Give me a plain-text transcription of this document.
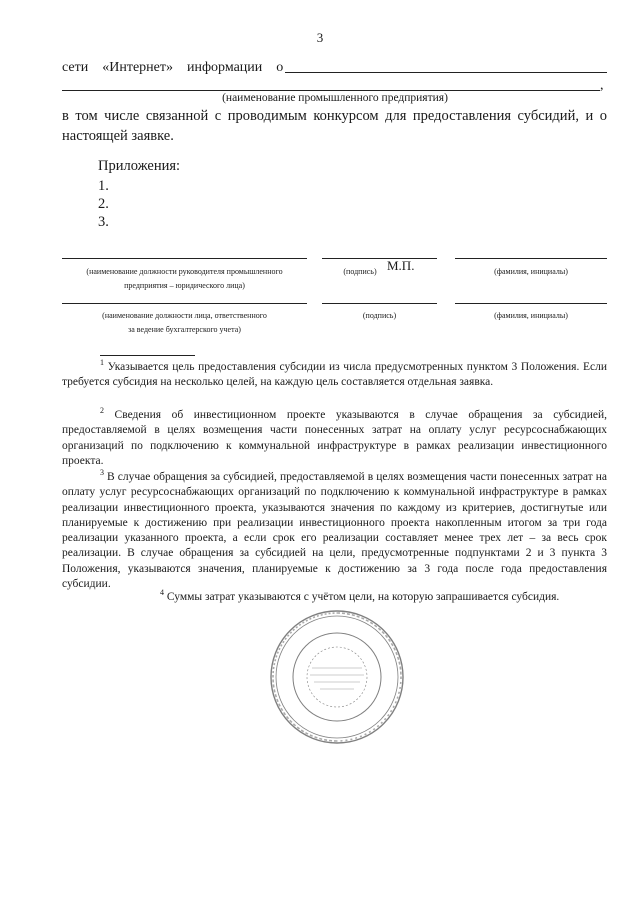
3
сети «Интернет» информации о
,
(наименование промышленного предприятия)
в том числе связанной с проводимым конкурсом для предоставления субсидий, и о настоящей заявке.
Приложения:
1.
2.
3.
М.П.
(наименование должности руководителя промышленного
предприятия – юридического лица)
(подпись)	(фамилия, инициалы)
(наименование должности лица, ответственного
за ведение бухгалтерского учета)
(подпись)	(фамилия, инициалы)
$^1$ Указывается цель предоставления субсидии из числа предусмотренных пунктом 3 Положения. Если требуется субсидия на несколько целей, на каждую цель составляется отдельная заявка.
$^2$ Сведения об инвестиционном проекте указываются в случае обращения за субсидией, предоставляемой в целях возмещения части понесенных затрат на оплату услуг ресурсоснабжающих организаций по подключению к коммунальной инфраструктуре в рамках реализации инвестиционного проекта.
$^3$ В случае обращения за субсидией, предоставляемой в целях возмещения части понесенных затрат на оплату услуг ресурсоснабжающих организаций по подключению к коммунальной инфраструктуре в рамках реализации инвестиционного проекта, указываются значения по каждому из критериев, достигнутые или планируемые к достижению при реализации инвестиционного проекта накопленным итогом за три года реализации указанного проекта, а если срок его реализации составляет менее трех лет – за весь срок реализации. В случае обращения за субсидией на цели, предусмотренные подпунктами 2 и 3 пункта 3 Положения, указываются значения, планируемые к достижению за 3 года после года предоставления субсидии.
$^4$ Суммы затрат указываются с учётом цели, на которую запрашивается субсидия.
